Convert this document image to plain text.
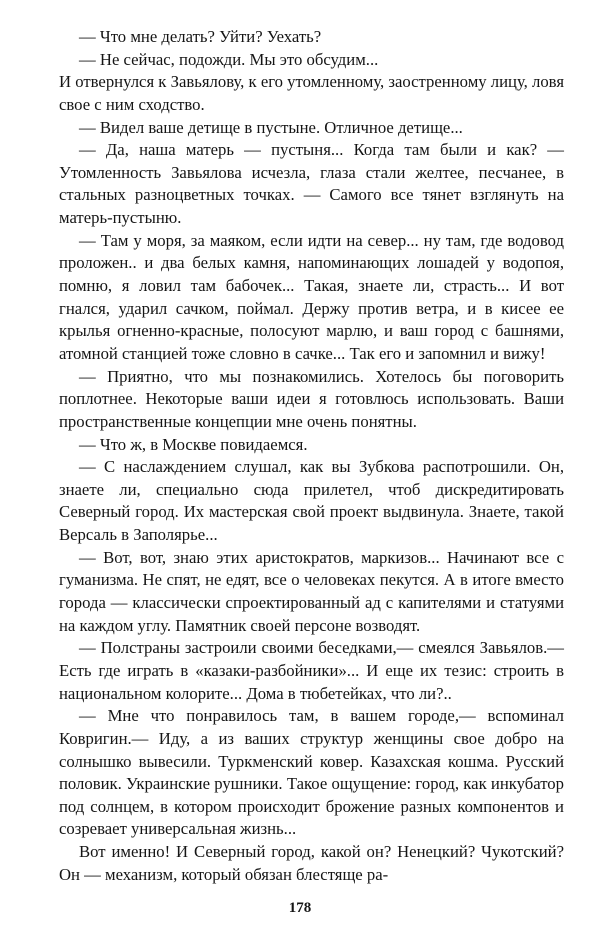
— Что мне делать? Уйти? Уехать?

— Не сейчас, подожди. Мы это обсудим...

И отвернулся к Завьялову, к его утомленному, заостренному лицу, ловя свое с ним сходство.

— Видел ваше детище в пустыне. Отличное детище...

— Да, наша матерь — пустыня... Когда там были и как? — Утомленность Завьялова исчезла, глаза стали желтее, песчанее, в стальных разноцветных точках. — Самого все тянет взглянуть на матерь-пустыню.

— Там у моря, за маяком, если идти на север... ну там, где водовод проложен.. и два белых камня, напоминающих лошадей у водопоя, помню, я ловил там бабочек... Такая, знаете ли, страсть... И вот гнался, ударил сачком, поймал. Держу против ветра, и в кисее ее крылья огненно-красные, полосуют марлю, и ваш город с башнями, атомной станцией тоже словно в сачке... Так его и запомнил и вижу!

— Приятно, что мы познакомились. Хотелось бы поговорить поплотнее. Некоторые ваши идеи я готовлюсь использовать. Ваши пространственные концепции мне очень понятны.

— Что ж, в Москве повидаемся.

— С наслаждением слушал, как вы Зубкова распотрошили. Он, знаете ли, специально сюда прилетел, чтоб дискредитировать Северный город. Их мастерская свой проект выдвинула. Знаете, такой Версаль в Заполярье...

— Вот, вот, знаю этих аристократов, маркизов... Начинают все с гуманизма. Не спят, не едят, все о человеках пекутся. А в итоге вместо города — классически спроектированный ад с капителями и статуями на каждом углу. Памятник своей персоне возводят.

— Полстраны застроили своими беседками,— смеялся Завьялов.— Есть где играть в «казаки-разбойники»... И еще их тезис: строить в национальном колорите... Дома в тюбетейках, что ли?..

— Мне что понравилось там, в вашем городе,— вспоминал Ковригин.— Иду, а из ваших структур женщины свое добро на солнышко вывесили. Туркменский ковер. Казахская кошма. Русский половик. Украинские рушники. Такое ощущение: город, как инкубатор под солнцем, в котором происходит брожение разных компонентов и созревает универсальная жизнь...

Вот именно! И Северный город, какой он? Ненецкий? Чукотский? Он — механизм, который обязан блестяще ра-

178
